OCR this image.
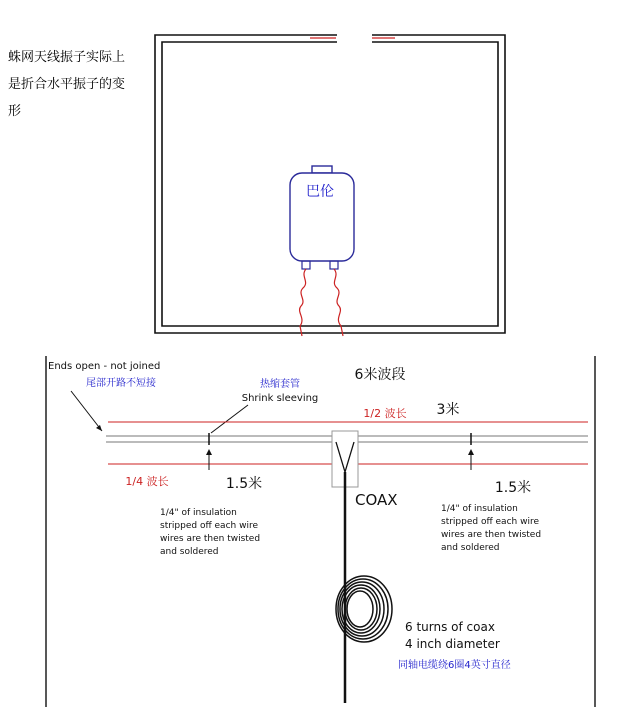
蛛网天线振子实际上是折合水平振子的变形

巴伦
Ends open - not joined
尾部开路不短接
6米波段
热缩套管
Shrink sleeving
1/2 波长 3米
1/4 波长	1.5米	1.5米
COAX
1/4" of insulation
stripped off each wire
wires are then twisted
and soldered
1/4" of insulation
stripped off each wire
wires are then twisted
and soldered
6 turns of coax
4 inch diameter
同轴电缆绕6圈4英寸直径
